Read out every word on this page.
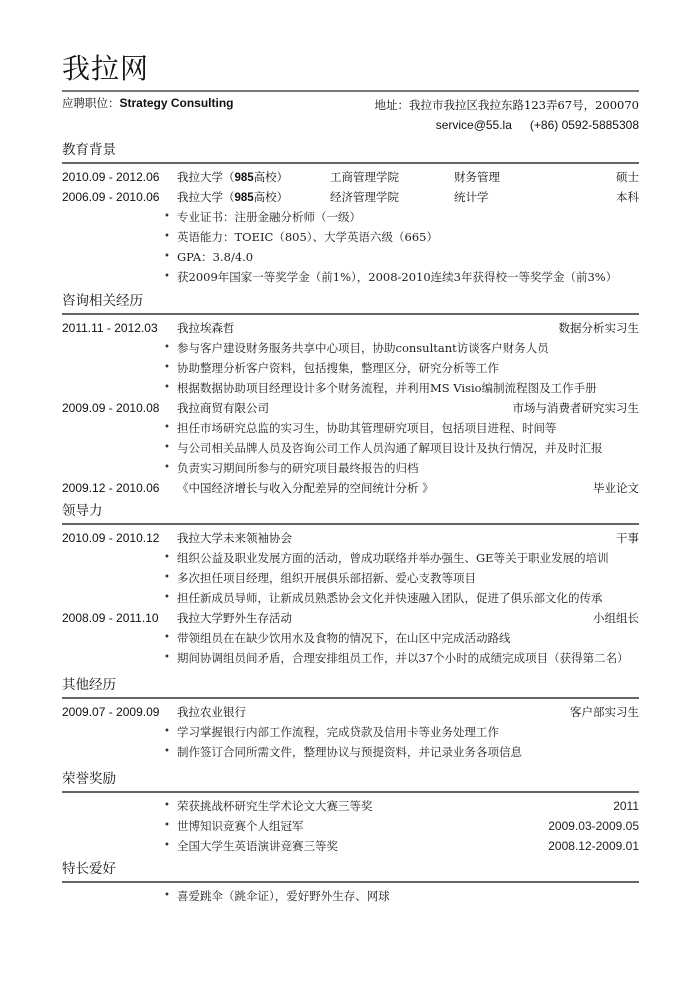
我拉网
应聘职位：Strategy Consulting	地址：我拉市我拉区我拉东路123弄67号，200070
service@55.la (+86) 0592-5885308
教育背景
2010.09 - 2012.06 我拉大学（985高校）	工商管理学院	财务管理	硕士
2006.09 - 2010.06 我拉大学（985高校）	经济管理学院	统计学	本科
• 专业证书：注册金融分析师（一级）
• 英语能力：TOEIC（805）、大学英语六级（665）
• GPA：3.8/4.0
• 获2009年国家一等奖学金（前1%），2008-2010连续3年获得校一等奖学金（前3%）
咨询相关经历
2011.11 - 2012.03 我拉埃森哲	数据分析实习生
• 参与客户建设财务服务共享中心项目，协助consultant访谈客户财务人员
• 协助整理分析客户资料，包括搜集，整理区分，研究分析等工作
• 根据数据协助项目经理设计多个财务流程，并利用MS Visio编制流程图及工作手册
2009.09 - 2010.08 我拉商贸有限公司	市场与消费者研究实习生
• 担任市场研究总监的实习生，协助其管理研究项目，包括项目进程、时间等
• 与公司相关品牌人员及咨询公司工作人员沟通了解项目设计及执行情况，并及时汇报
• 负责实习期间所参与的研究项目最终报告的归档
2009.12 - 2010.06 《中国经济增长与收入分配差异的空间统计分析 》	毕业论文
领导力
2010.09 - 2010.12 我拉大学未来领袖协会	干事
• 组织公益及职业发展方面的活动，曾成功联络并举办强生、GE等关于职业发展的培训
• 多次担任项目经理，组织开展俱乐部招新、爱心支教等项目
• 担任新成员导师，让新成员熟悉协会文化并快速融入团队，促进了俱乐部文化的传承
2008.09 - 2011.10 我拉大学野外生存活动	小组组长
• 带领组员在在缺少饮用水及食物的情况下，在山区中完成活动路线
• 期间协调组员间矛盾，合理安排组员工作，并以37个小时的成绩完成项目（获得第二名）
其他经历
2009.07 - 2009.09 我拉农业银行	客户部实习生
• 学习掌握银行内部工作流程，完成贷款及信用卡等业务处理工作
• 制作签订合同所需文件，整理协议与预提资料，并记录业务各项信息
荣誉奖励
• 荣获挑战杯研究生学术论文大赛三等奖	2011
• 世博知识竞赛个人组冠军	2009.03-2009.05
• 全国大学生英语演讲竞赛三等奖	2008.12-2009.01
特长爱好
• 喜爱跳伞（跳伞证），爱好野外生存、网球
